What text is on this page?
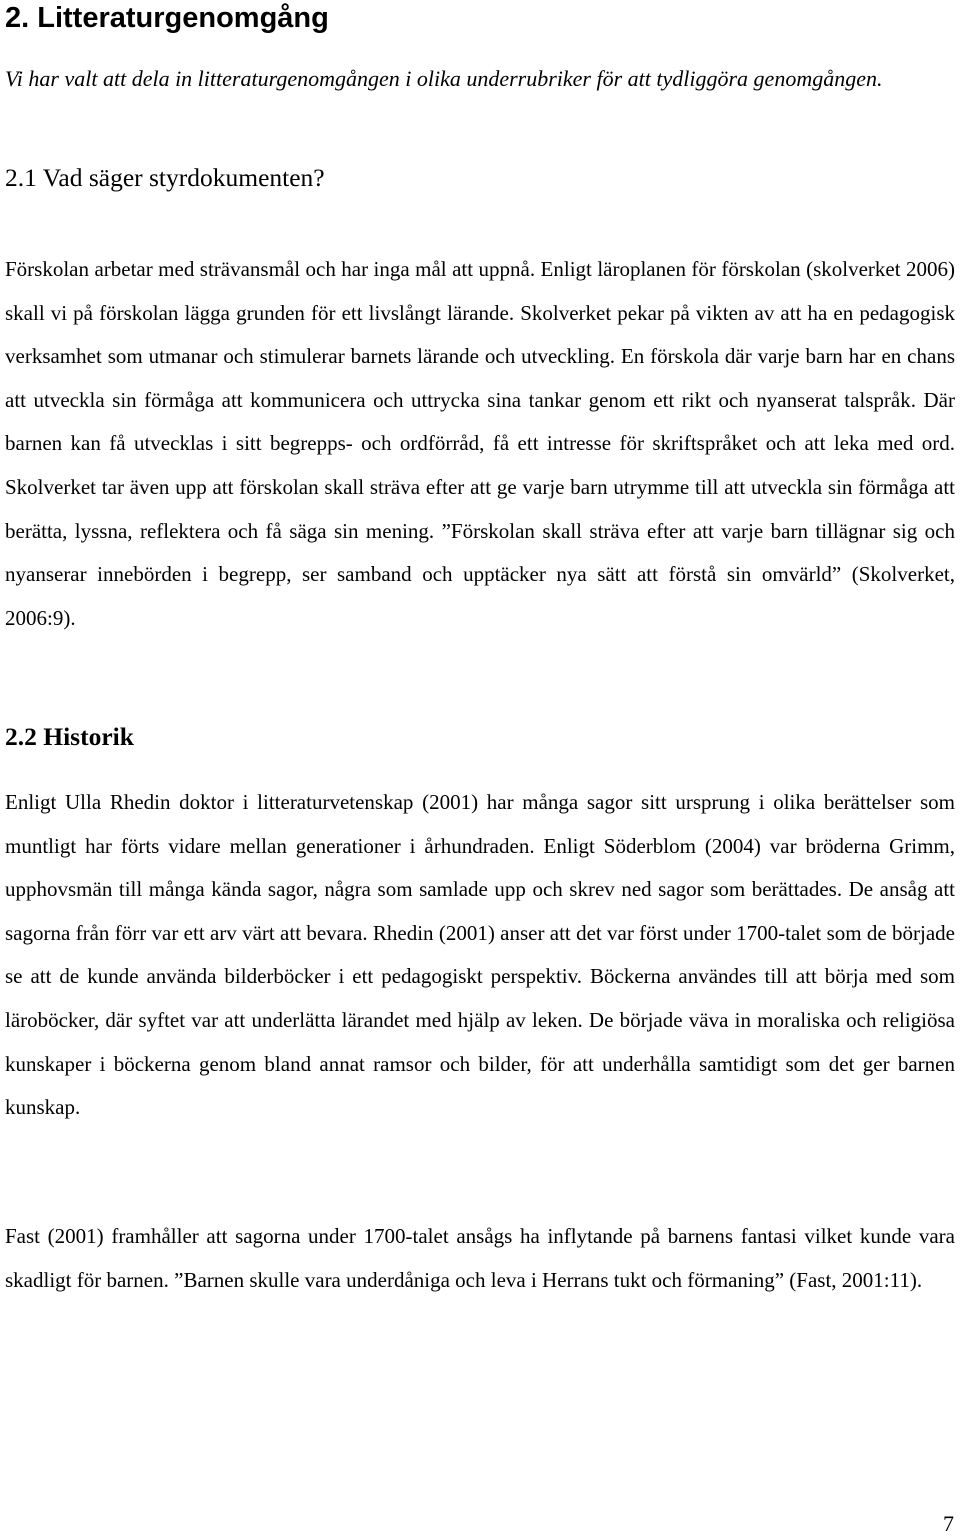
2. Litteraturgenomgång

Vi har valt att dela in litteraturgenomgången i olika underrubriker för att tydliggöra genomgången.

2.1 Vad säger styrdokumenten?

Förskolan arbetar med strävansmål och har inga mål att uppnå. Enligt läroplanen för förskolan (skolverket 2006) skall vi på förskolan lägga grunden för ett livslångt lärande. Skolverket pekar på vikten av att ha en pedagogisk verksamhet som utmanar och stimulerar barnets lärande och utveckling. En förskola där varje barn har en chans att utveckla sin förmåga att kommunicera och uttrycka sina tankar genom ett rikt och nyanserat talspråk. Där barnen kan få utvecklas i sitt begrepps- och ordförråd, få ett intresse för skriftspråket och att leka med ord. Skolverket tar även upp att förskolan skall sträva efter att ge varje barn utrymme till att utveckla sin förmåga att berätta, lyssna, reflektera och få säga sin mening. ”Förskolan skall sträva efter att varje barn tillägnar sig och nyanserar innebörden i begrepp, ser samband och upptäcker nya sätt att förstå sin omvärld” (Skolverket, 2006:9).

2.2 Historik

Enligt Ulla Rhedin doktor i litteraturvetenskap (2001) har många sagor sitt ursprung i olika berättelser som muntligt har förts vidare mellan generationer i århundraden. Enligt Söderblom (2004) var bröderna Grimm, upphovsmän till många kända sagor, några som samlade upp och skrev ned sagor som berättades. De ansåg att sagorna från förr var ett arv värt att bevara. Rhedin (2001) anser att det var först under 1700-talet som de började se att de kunde använda bilderböcker i ett pedagogiskt perspektiv. Böckerna användes till att börja med som läroböcker, där syftet var att underlätta lärandet med hjälp av leken. De började väva in moraliska och religiösa kunskaper i böckerna genom bland annat ramsor och bilder, för att underhålla samtidigt som det ger barnen kunskap.

Fast (2001) framhåller att sagorna under 1700-talet ansågs ha inflytande på barnens fantasi vilket kunde vara skadligt för barnen. ”Barnen skulle vara underdåniga och leva i Herrans tukt och förmaning” (Fast, 2001:11).

7
